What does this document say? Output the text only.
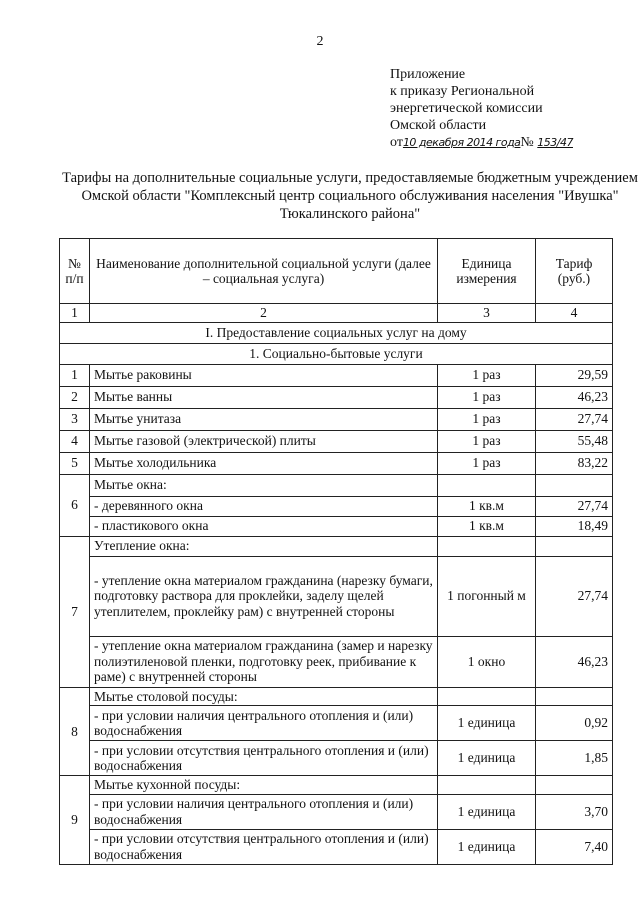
2
Приложение
к приказу Региональной
энергетической комиссии
Омской области
от10 декабря 2014 года№ 153/47
Тарифы на дополнительные социальные услуги, предоставляемые бюджетным учреждением Омской области "Комплексный центр социального обслуживания населения "Ивушка" Тюкалинского района"
№ п/п	Наименование дополнительной социальной услуги (далее – социальная услуга)	Единица измерения	Тариф (руб.)
1	2	3	4
I. Предоставление социальных услуг на дому			
1. Социально-бытовые услуги			
1	Мытье раковины	1 раз	29,59
2	Мытье ванны	1 раз	46,23
3	Мытье унитаза	1 раз	27,74
4	Мытье газовой (электрической) плиты	1 раз	55,48
5	Мытье холодильника	1 раз	83,22
6	Мытье окна:		
	- деревянного окна	1 кв.м	27,74
	- пластикового окна	1 кв.м	18,49
7	Утепление окна:		
	- утепление окна материалом гражданина (нарезку бумаги, подготовку раствора для проклейки, заделу щелей утеплителем, проклейку рам) с внутренней стороны	1 погонный м	27,74
	- утепление окна материалом гражданина (замер и нарезку полиэтиленовой пленки, подготовку реек, прибивание к раме) с внутренней стороны	1 окно	46,23
8	Мытье столовой посуды:		
	- при условии наличия центрального отопления и (или) водоснабжения	1 единица	0,92
	- при условии отсутствия центрального отопления и (или) водоснабжения	1 единица	1,85
9	Мытье кухонной посуды:		
	- при условии наличия центрального отопления и (или) водоснабжения	1 единица	3,70
	- при условии отсутствия центрального отопления и (или) водоснабжения	1 единица	7,40
